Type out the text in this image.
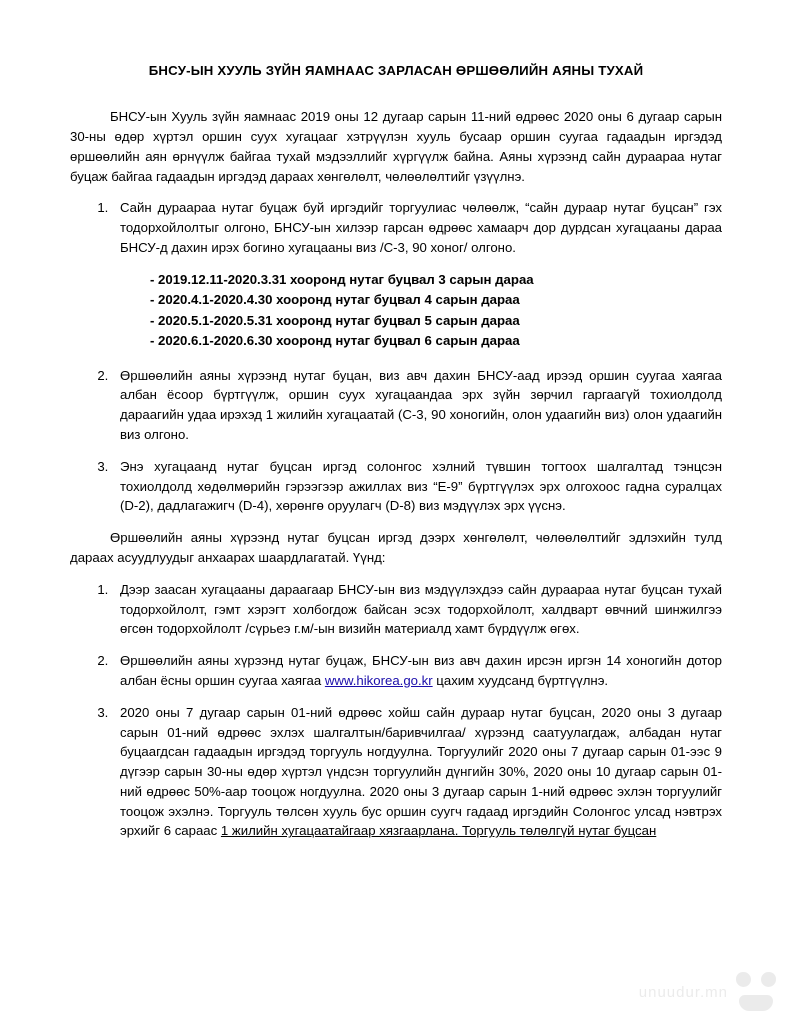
БНСУ-ЫН ХУУЛЬ ЗҮЙН ЯАМНААС ЗАРЛАСАН ӨРШӨӨЛИЙН АЯНЫ ТУХАЙ

БНСУ-ын Хууль зүйн яамнаас 2019 оны 12 дугаар сарын 11-ний өдрөөс 2020 оны 6 дугаар сарын 30-ны өдөр хүртэл оршин суух хугацааг хэтрүүлэн хууль бусаар оршин суугаа гадаадын иргэдэд өршөөлийн аян өрнүүлж байгаа тухай мэдээллийг хүргүүлж байна. Аяны хүрээнд сайн дураараа нутаг буцаж байгаа гадаадын иргэдэд дараах хөнгөлөлт, чөлөөлөлтийг үзүүлнэ.

1. Сайн дураараа нутаг буцаж буй иргэдийг торгуулиас чөлөөлж, “сайн дураар нутаг буцсан” гэх тодорхойлолтыг олгоно, БНСУ-ын хилээр гарсан өдрөөс хамаарч дор дурдсан хугацааны дараа БНСУ-д дахин ирэх богино хугацааны виз /С-3, 90 хоног/ олгоно.
- 2019.12.11-2020.3.31 хооронд нутаг буцвал 3 сарын дараа
- 2020.4.1-2020.4.30 хооронд нутаг буцвал 4 сарын дараа
- 2020.5.1-2020.5.31 хооронд нутаг буцвал 5 сарын дараа
- 2020.6.1-2020.6.30 хооронд нутаг буцвал 6 сарын дараа
2. Өршөөлийн аяны хүрээнд нутаг буцан, виз авч дахин БНСУ-аад ирээд оршин суугаа хаягаа албан ёсоор бүртгүүлж, оршин суух хугацаандаа эрх зүйн зөрчил гаргаагүй тохиолдолд дараагийн удаа ирэхэд 1 жилийн хугацаатай (С-3, 90 хоногийн, олон удаагийн виз) олон удаагийн виз олгоно.
3. Энэ хугацаанд нутаг буцсан иргэд солонгос хэлний түвшин тогтоох шалгалтад тэнцсэн тохиолдолд хөдөлмөрийн гэрээгээр ажиллах виз “Е-9” бүртгүүлэх эрх олгохоос гадна суралцах (D-2), дадлагажигч (D-4), хөрөнгө оруулагч (D-8) виз мэдүүлэх эрх үүснэ.

Өршөөлийн аяны хүрээнд нутаг буцсан иргэд дээрх хөнгөлөлт, чөлөөлөлтийг эдлэхийн тулд дараах асуудлуудыг анхаарах шаардлагатай. Үүнд:

1. Дээр заасан хугацааны дараагаар БНСУ-ын виз мэдүүлэхдээ сайн дураараа нутаг буцсан тухай тодорхойлолт, гэмт хэрэгт холбогдож байсан эсэх тодорхойлолт, халдварт өвчний шинжилгээ өгсөн тодорхойлолт /сүрьеэ г.м/-ын визийн материалд хамт бүрдүүлж өгөх.
2. Өршөөлийн аяны хүрээнд нутаг буцаж, БНСУ-ын виз авч дахин ирсэн иргэн 14 хоногийн дотор албан ёсны оршин суугаа хаягаа www.hikorea.go.kr цахим хуудсанд бүртгүүлнэ.
3. 2020 оны 7 дугаар сарын 01-ний өдрөөс хойш сайн дураар нутаг буцсан, 2020 оны 3 дугаар сарын 01-ний өдрөөс эхлэх шалгалтын/баривчилгаа/ хүрээнд саатуулагдаж, албадан нутаг буцаагдсан гадаадын иргэдэд торгууль ногдуулна. Торгуулийг 2020 оны 7 дугаар сарын 01-ээс 9 дүгээр сарын 30-ны өдөр хүртэл үндсэн торгуулийн дүнгийн 30%, 2020 оны 10 дугаар сарын 01-ний өдрөөс 50%-аар тооцож ногдуулна. 2020 оны 3 дугаар сарын 1-ний өдрөөс эхлэн торгуулийг тооцож эхэлнэ. Торгууль төлсөн хууль бус оршин суугч гадаад иргэдийн Солонгос улсад нэвтрэх эрхийг 6 сараас 1 жилийн хугацаатайгаар хязгаарлана. Торгууль төлөлгүй нутаг буцсан
unuudur.mn
